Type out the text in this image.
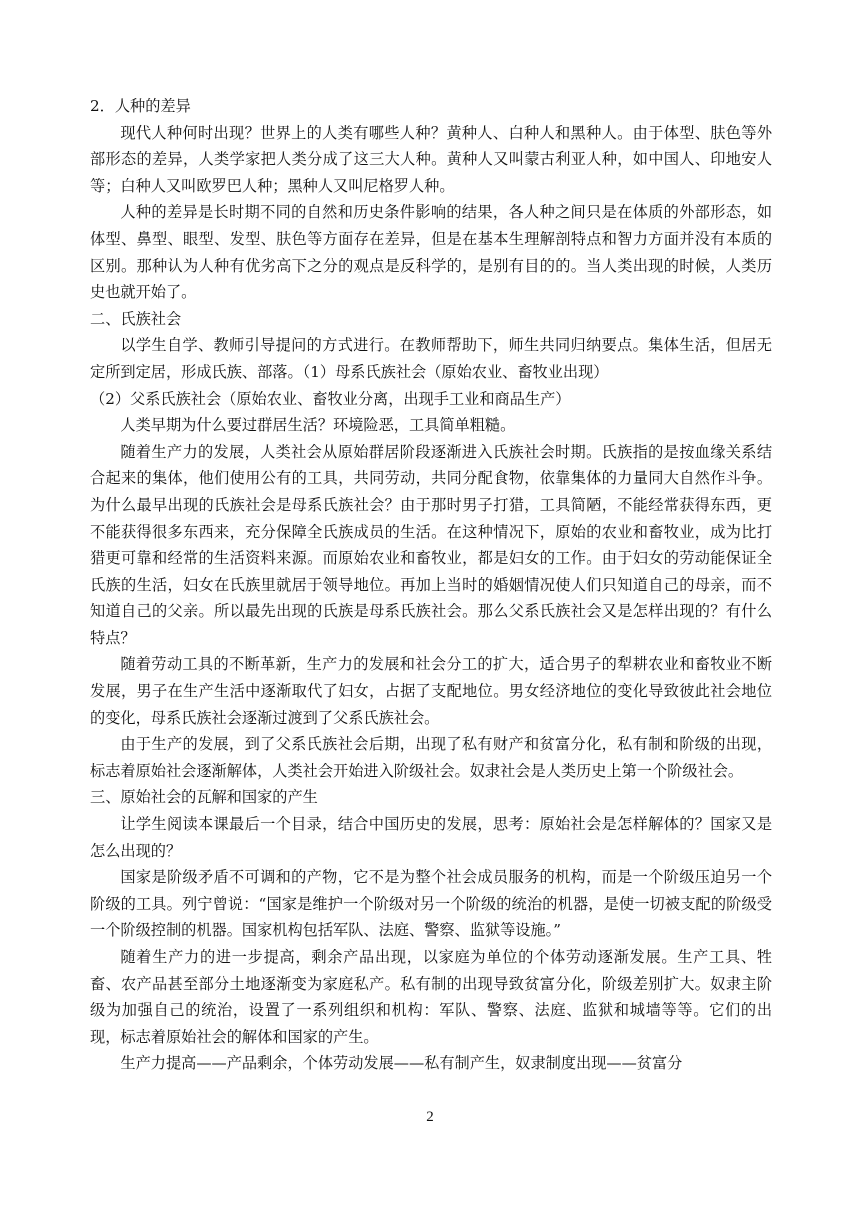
2．人种的差异

现代人种何时出现？世界上的人类有哪些人种？黄种人、白种人和黑种人。由于体型、肤色等外部形态的差异，人类学家把人类分成了这三大人种。黄种人又叫蒙古利亚人种，如中国人、印地安人等；白种人又叫欧罗巴人种；黑种人又叫尼格罗人种。

人种的差异是长时期不同的自然和历史条件影响的结果，各人种之间只是在体质的外部形态，如体型、鼻型、眼型、发型、肤色等方面存在差异，但是在基本生理解剖特点和智力方面并没有本质的区别。那种认为人种有优劣高下之分的观点是反科学的，是别有目的的。当人类出现的时候，人类历史也就开始了。

二、氏族社会

以学生自学、教师引导提问的方式进行。在教师帮助下，师生共同归纳要点。集体生活，但居无定所到定居，形成氏族、部落。（1）母系氏族社会（原始农业、畜牧业出现）

（2）父系氏族社会（原始农业、畜牧业分离，出现手工业和商品生产）

人类早期为什么要过群居生活？环境险恶，工具简单粗糙。

随着生产力的发展，人类社会从原始群居阶段逐渐进入氏族社会时期。氏族指的是按血缘关系结合起来的集体，他们使用公有的工具，共同劳动，共同分配食物，依靠集体的力量同大自然作斗争。为什么最早出现的氏族社会是母系氏族社会？由于那时男子打猎，工具简陋，不能经常获得东西，更不能获得很多东西来，充分保障全氏族成员的生活。在这种情况下，原始的农业和畜牧业，成为比打猎更可靠和经常的生活资料来源。而原始农业和畜牧业，都是妇女的工作。由于妇女的劳动能保证全氏族的生活，妇女在氏族里就居于领导地位。再加上当时的婚姻情况使人们只知道自己的母亲，而不知道自己的父亲。所以最先出现的氏族是母系氏族社会。那么父系氏族社会又是怎样出现的？有什么特点？

随着劳动工具的不断革新，生产力的发展和社会分工的扩大，适合男子的犁耕农业和畜牧业不断发展，男子在生产生活中逐渐取代了妇女，占据了支配地位。男女经济地位的变化导致彼此社会地位的变化，母系氏族社会逐渐过渡到了父系氏族社会。

由于生产的发展，到了父系氏族社会后期，出现了私有财产和贫富分化，私有制和阶级的出现，标志着原始社会逐渐解体，人类社会开始进入阶级社会。奴隶社会是人类历史上第一个阶级社会。

三、原始社会的瓦解和国家的产生

让学生阅读本课最后一个目录，结合中国历史的发展，思考：原始社会是怎样解体的？国家又是怎么出现的？

国家是阶级矛盾不可调和的产物，它不是为整个社会成员服务的机构，而是一个阶级压迫另一个阶级的工具。列宁曾说：“国家是维护一个阶级对另一个阶级的统治的机器，是使一切被支配的阶级受一个阶级控制的机器。国家机构包括军队、法庭、警察、监狱等设施。”

随着生产力的进一步提高，剩余产品出现，以家庭为单位的个体劳动逐渐发展。生产工具、牲畜、农产品甚至部分土地逐渐变为家庭私产。私有制的出现导致贫富分化，阶级差别扩大。奴隶主阶级为加强自己的统治，设置了一系列组织和机构：军队、警察、法庭、监狱和城墙等等。它们的出现，标志着原始社会的解体和国家的产生。

生产力提高——产品剩余，个体劳动发展——私有制产生，奴隶制度出现——贫富分

2
